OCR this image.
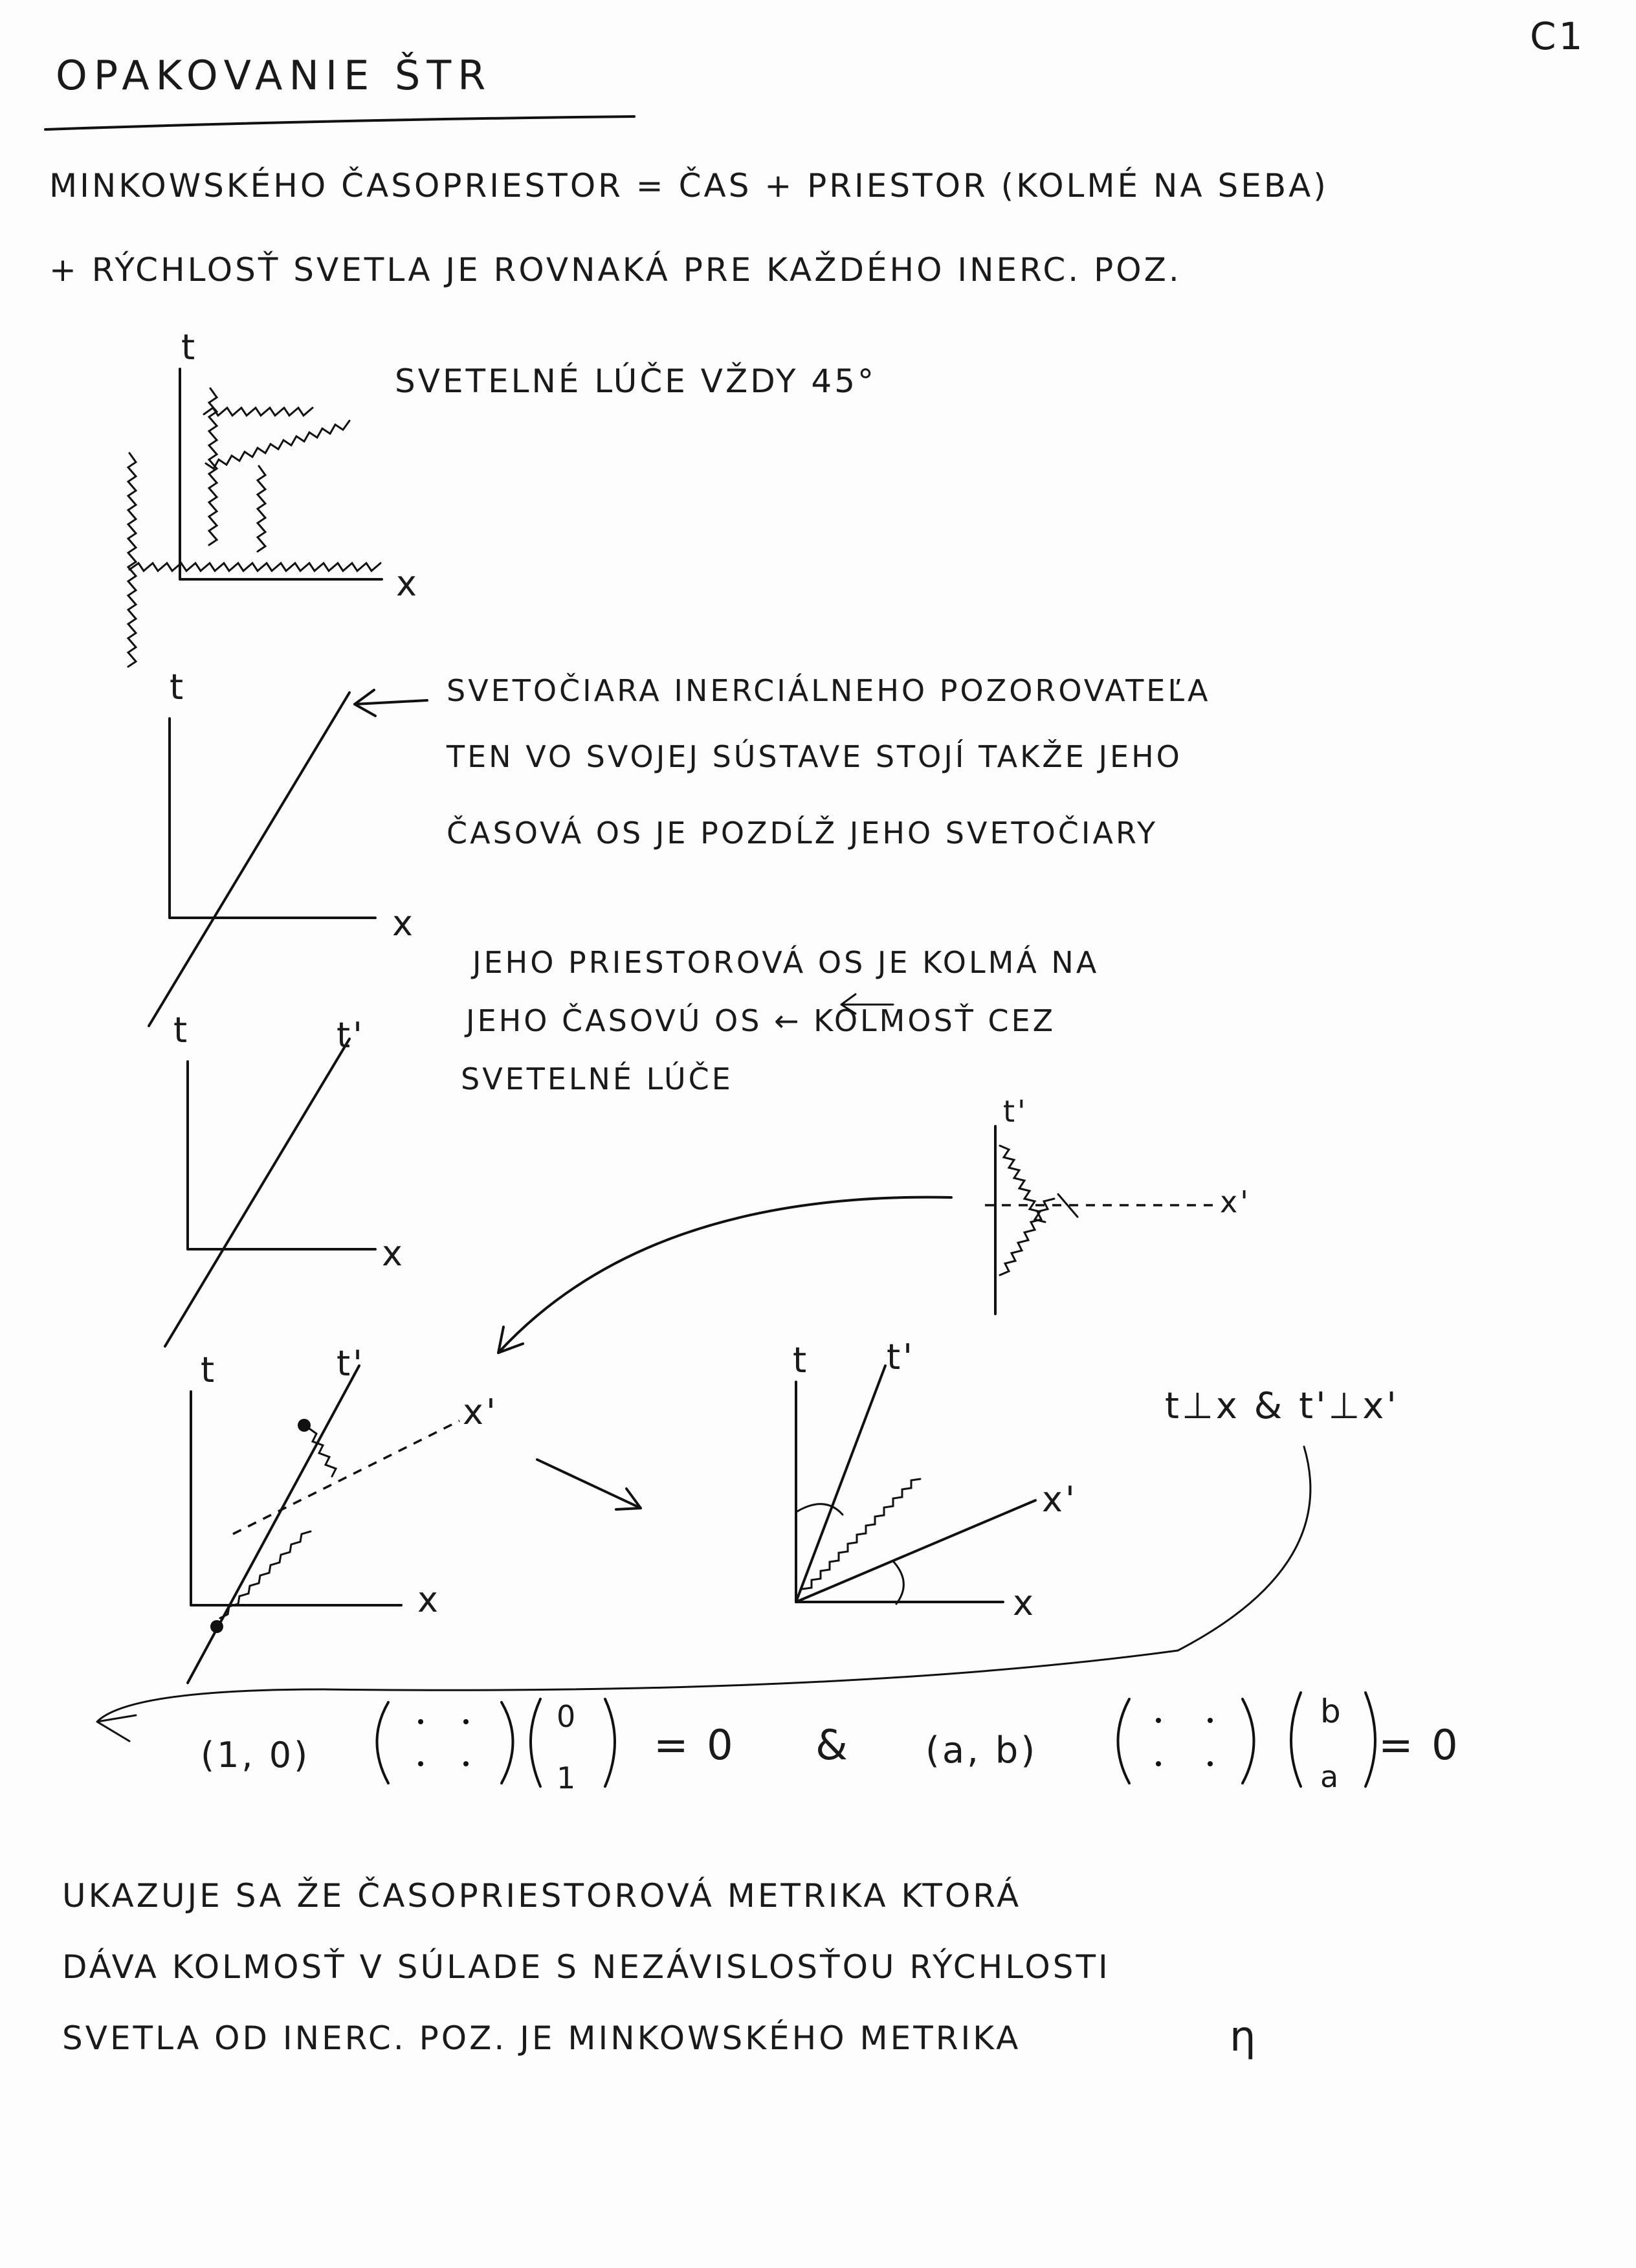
C1
OPAKOVANIE ŠTR
MINKOWSKÉHO ČASOPRIESTOR = ČAS + PRIESTOR (KOLMÉ NA SEBA)
+ RÝCHLOSŤ SVETLA JE ROVNAKÁ PRE KAŽDÉHO INERC. POZ.
SVETELNÉ LÚČE VŽDY 45°
SVETOČIARA INERCIÁLNEHO POZOROVATEĽA
TEN VO SVOJEJ SÚSTAVE STOJÍ TAKŽE JEHO
ČASOVÁ OS JE POZDĹŽ JEHO SVETOČIARY
JEHO PRIESTOROVÁ OS JE KOLMÁ NA
JEHO ČASOVÚ OS ← KOLMOSŤ CEZ
SVETELNÉ LÚČE
t⊥x & t'⊥x'
UKAZUJE SA ŽE ČASOPRIESTOROVÁ METRIKA KTORÁ
DÁVA KOLMOSŤ V SÚLADE S NEZÁVISLOSŤOU RÝCHLOSTI
SVETLA OD INERC. POZ. JE MINKOWSKÉHO METRIKA	η
(1, 0)
0
1
= 0 & (a, b)
b
a
= 0
t
x
t
x
t	t'
x
t'
x'
t	t'
x'
x
t t'
x'
x
